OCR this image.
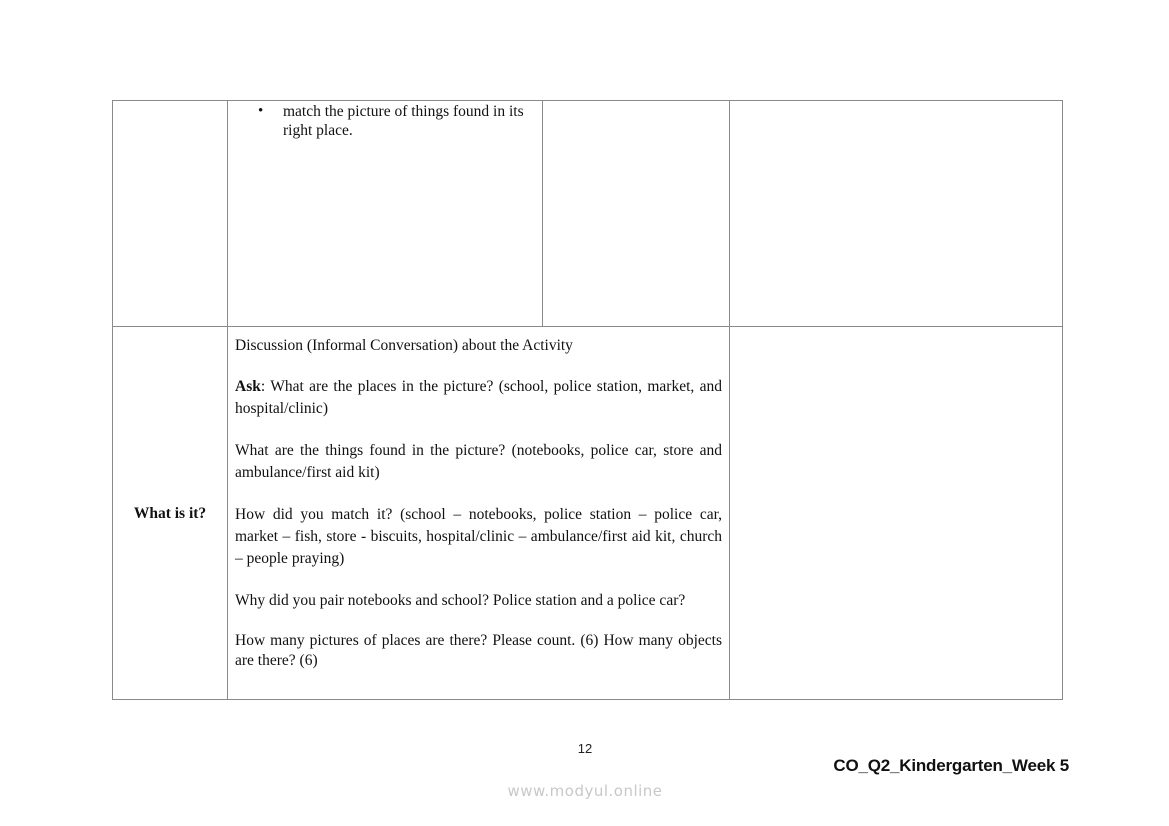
•	match the picture of things found in its right place.
What is it?

Discussion (Informal Conversation) about the Activity

Ask: What are the places in the picture? (school, police station, market, and hospital/clinic)

What are the things found in the picture? (notebooks, police car, store and ambulance/first aid kit)

How did you match it? (school – notebooks, police station – police car, market – fish, store - biscuits, hospital/clinic – ambulance/first aid kit, church – people praying)

Why did you pair notebooks and school? Police station and a police car?

How many pictures of places are there? Please count. (6) How many objects are there? (6)

12
CO_Q2_Kindergarten_Week 5
www.modyul.online
